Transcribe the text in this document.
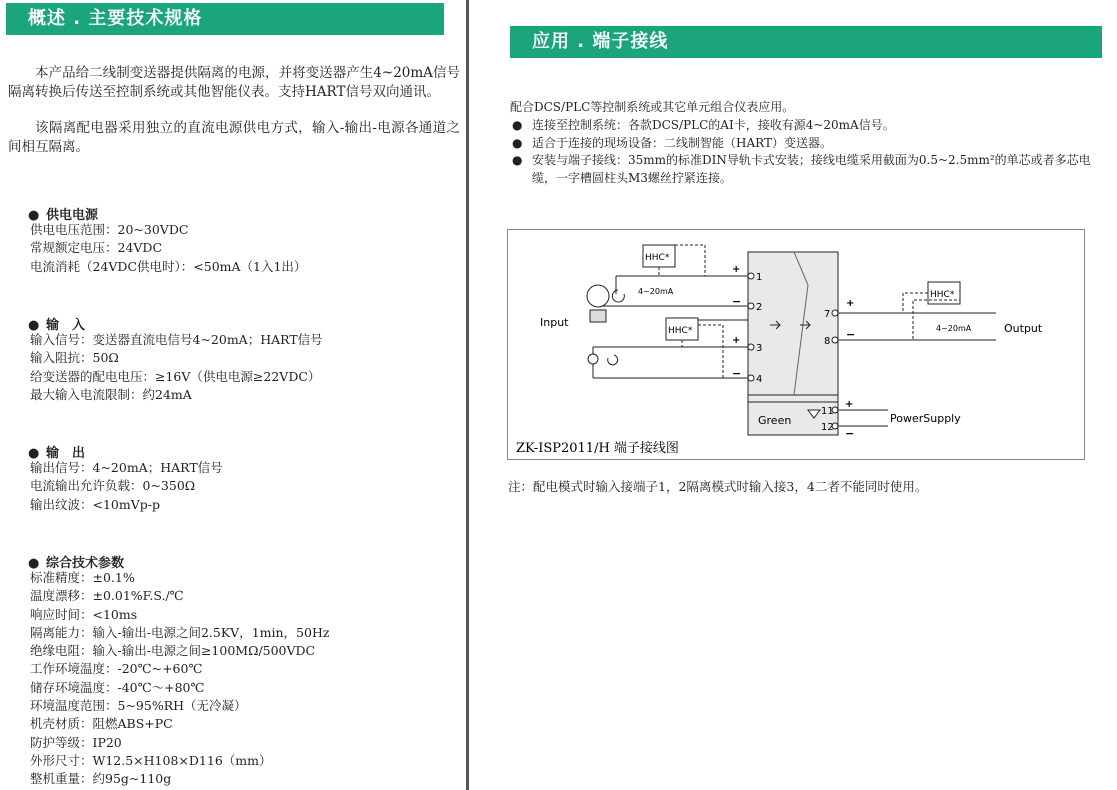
概述 . 主要技术规格

本产品给二线制变送器提供隔离的电源，并将变送器产生4~20mA信号隔离转换后传送至控制系统或其他智能仪表。支持HART信号双向通讯。

该隔离配电器采用独立的直流电源供电方式，输入-输出-电源各通道之间相互隔离。

● 供电电源
供电电压范围：20~30VDC
常规额定电压：24VDC
电流消耗（24VDC供电时）：<50mA（1入1出）
● 输　入
输入信号：变送器直流电信号4~20mA；HART信号
输入阻抗：50Ω
给变送器的配电电压：≥16V（供电电源≥22VDC）
最大输入电流限制：约24mA
● 输　出
输出信号：4~20mA；HART信号
电流输出允许负载：0~350Ω
输出纹波：<10mVp-p
● 综合技术参数
标准精度：±0.1%
温度漂移：±0.01%F.S./℃
响应时间：<10ms
隔离能力：输入-输出-电源之间2.5KV，1min，50Hz
绝缘电阻：输入-输出-电源之间≥100MΩ/500VDC
工作环境温度：-20℃~+60℃
储存环境温度：-40℃～+80℃
环境温度范围：5~95%RH（无冷凝）
机壳材质：阻燃ABS+PC
防护等级：IP20
外形尺寸：W12.5×H108×D116（mm）
整机重量：约95g~110g
应用 . 端子接线
配合DCS/PLC等控制系统或其它单元组合仪表应用。
● 连接至控制系统：各款DCS/PLC的AI卡，接收有源4~20mA信号。
● 适合于连接的现场设备：二线制智能（HART）变送器。
● 安装与端子接线：35mm的标准DIN导轨卡式安装；接线电缆采用截面为0.5~2.5mm²的单芯或者多芯电缆，一字槽圆柱头M3螺丝拧紧连接。
HHC*
HHC*
HHC*
4~20mA
4~20mA
Input	Output
PowerSupply
Green
+
−
+
−
+
−
+
−
1
2
3
4
7
8
11
12
ZK-ISP2011/H 端子接线图
注：配电模式时输入接端子1，2隔离模式时输入接3，4二者不能同时使用。
